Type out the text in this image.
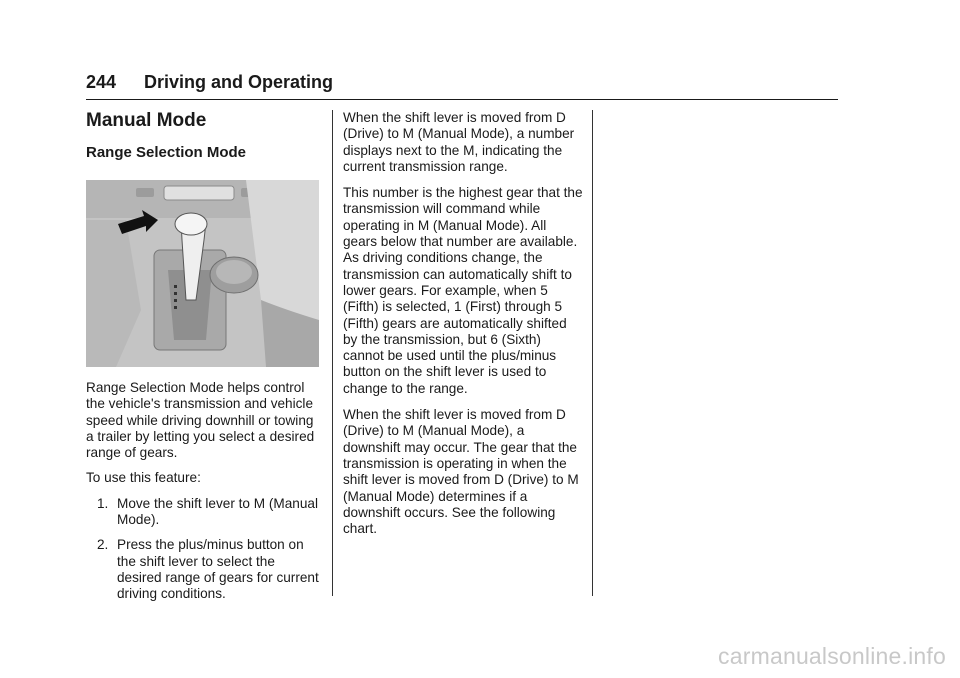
244 Driving and Operating
Manual Mode
Range Selection Mode

Range Selection Mode helps control the vehicle's transmission and vehicle speed while driving downhill or towing a trailer by letting you select a desired range of gears.

To use this feature:

1. Move the shift lever to M (Manual Mode).
2. Press the plus/minus button on the shift lever to select the desired range of gears for current driving conditions.

When the shift lever is moved from D (Drive) to M (Manual Mode), a number displays next to the M, indicating the current transmission range.

This number is the highest gear that the transmission will command while operating in M (Manual Mode). All gears below that number are available. As driving conditions change, the transmission can automatically shift to lower gears. For example, when 5 (Fifth) is selected, 1 (First) through 5 (Fifth) gears are automatically shifted by the transmission, but 6 (Sixth) cannot be used until the plus/minus button on the shift lever is used to change to the range.

When the shift lever is moved from D (Drive) to M (Manual Mode), a downshift may occur. The gear that the transmission is operating in when the shift lever is moved from D (Drive) to M (Manual Mode) determines if a downshift occurs. See the following chart.

carmanualsonline.info
